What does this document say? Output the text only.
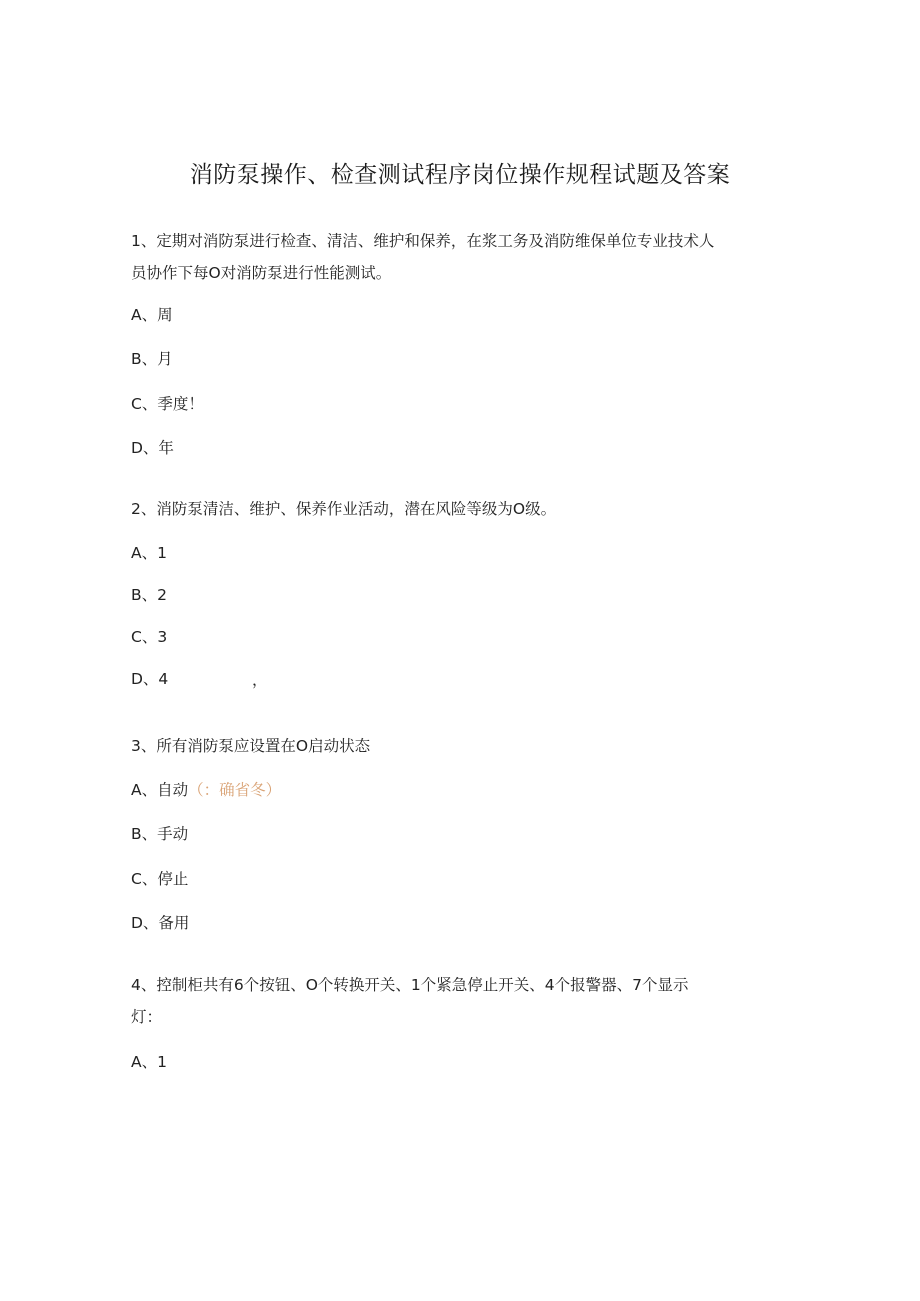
消防泵操作、检查测试程序岗位操作规程试题及答案
1、定期对消防泵进行检查、清洁、维护和保养，在浆工务及消防维保单位专业技术人
员协作下每O对消防泵进行性能测试。
A、周
B、月
C、季度！
D、年
2、消防泵清洁、维护、保养作业活动，潜在风险等级为O级。
A、1
B、2
C、3
D、4	，
3、所有消防泵应设置在O启动状态
A、自动（：确省冬）
B、手动
C、停止
D、备用
4、控制柜共有6个按钮、O个转换开关、1个紧急停止开关、4个报警器、7个显示
灯：
A、1
